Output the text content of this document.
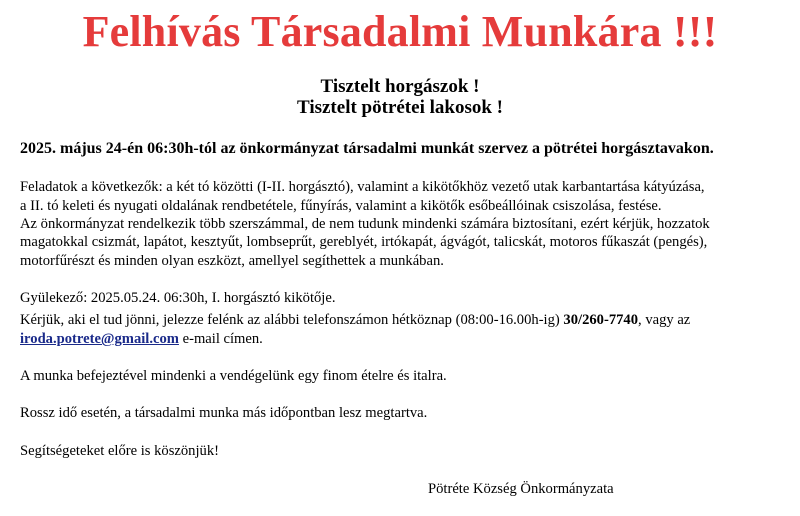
Felhívás Társadalmi Munkára !!!
Tisztelt horgászok !
Tisztelt pötrétei lakosok !
2025. május 24-én 06:30h-tól az önkormányzat társadalmi munkát szervez a pötrétei horgásztavakon.
Feladatok a következők: a két tó közötti (I-II. horgásztó), valamint a kikötőkhöz vezető utak karbantartása kátyúzása,
a II. tó keleti és nyugati oldalának rendbetétele, fűnyírás, valamint a kikötők esőbeállóinak csiszolása, festése.
Az önkormányzat rendelkezik több szerszámmal, de nem tudunk mindenki számára biztosítani, ezért kérjük, hozzatok
magatokkal csizmát, lapátot, kesztyűt, lombseprűt, gereblyét, irtókapát, ágvágót, talicskát, motoros fűkaszát (pengés),
motorfűrészt és minden olyan eszközt, amellyel segíthettek a munkában.
Gyülekező: 2025.05.24. 06:30h, I. horgásztó kikötője.
Kérjük, aki el tud jönni, jelezze felénk az alábbi telefonszámon hétköznap (08:00-16.00h-ig) 30/260-7740, vagy az
iroda.potrete@gmail.com e-mail címen.
A munka befejeztével mindenki a vendégelünk egy finom ételre és italra.
Rossz idő esetén, a társadalmi munka más időpontban lesz megtartva.
Segítségeteket előre is köszönjük!
Pötréte Község Önkormányzata
